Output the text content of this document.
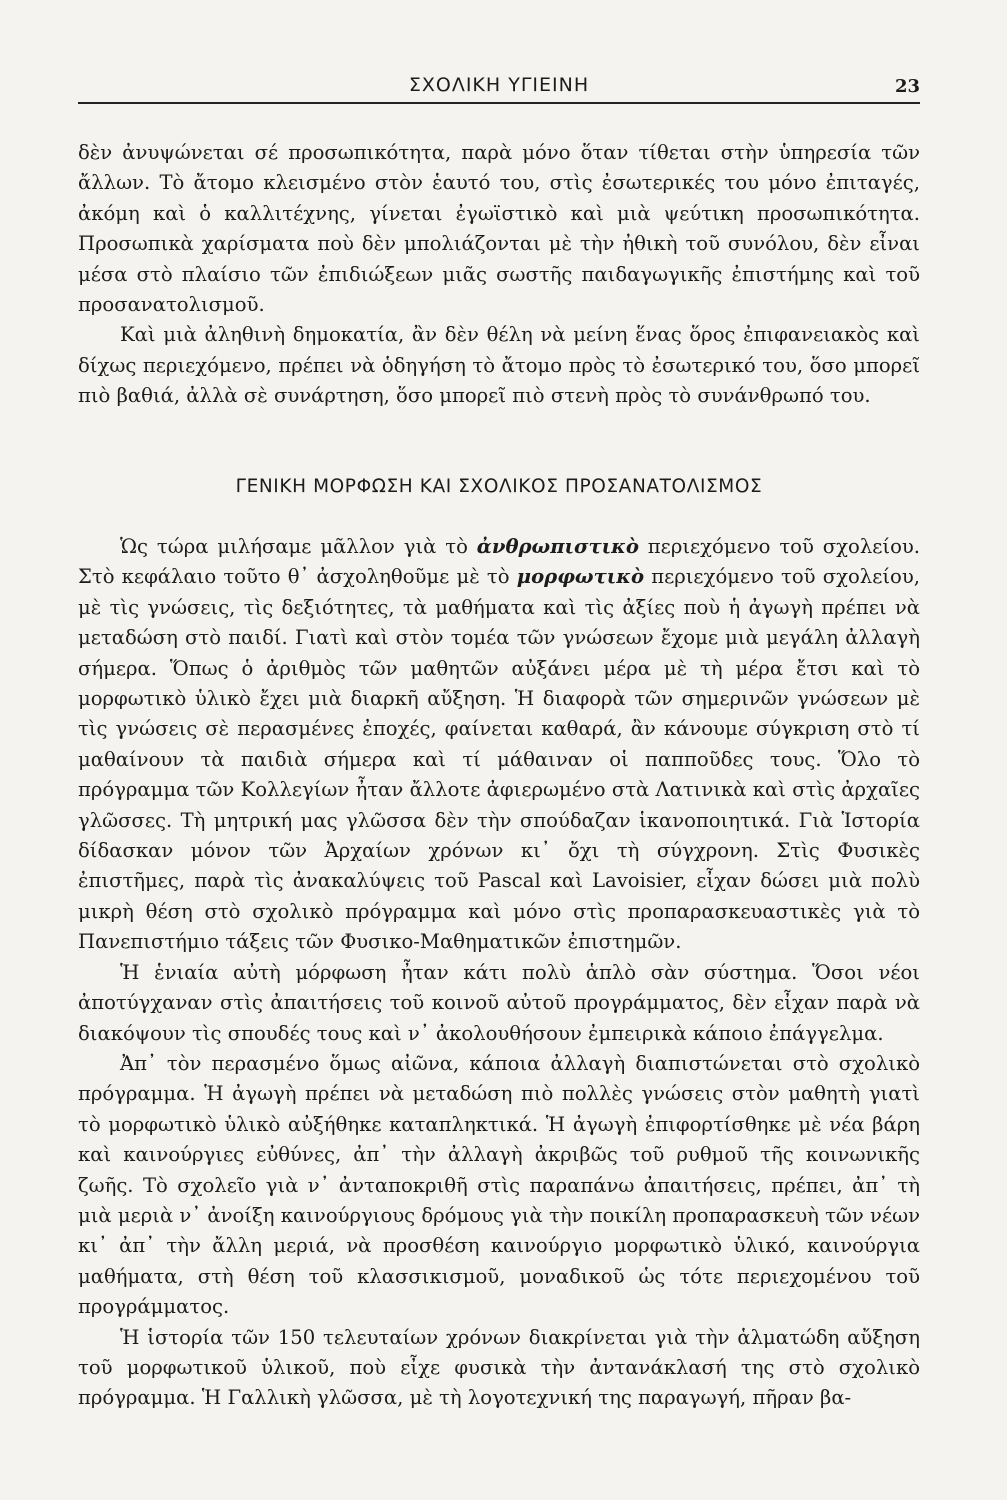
ΣΧΟΛΙΚΗ ΥΓΙΕΙΝΗ	23

δὲν ἀνυψώνεται σέ προσωπικότητα, παρὰ μόνο ὅταν τίθεται στὴν ὑπηρεσία τῶν ἄλλων. Τὸ ἄτομο κλεισμένο στὸν ἑαυτό του, στὶς ἐσωτερικές του μόνο ἐπιταγές, ἀκόμη καὶ ὁ καλλιτέχνης, γίνεται ἐγωϊστικὸ καὶ μιὰ ψεύτικη προσωπικότητα. Προσωπικὰ χαρίσματα ποὺ δὲν μπολιάζονται μὲ τὴν ἠθικὴ τοῦ συνόλου, δὲν εἶναι μέσα στὸ πλαίσιο τῶν ἐπιδιώξεων μιᾶς σωστῆς παιδαγωγικῆς ἐπιστήμης καὶ τοῦ προσανατολισμοῦ.

Καὶ μιὰ ἀληθινὴ δημοκατία, ἂν δὲν θέλη νὰ μείνη ἕνας ὅρος ἐπιφανειακὸς καὶ δίχως περιεχόμενο, πρέπει νὰ ὁδηγήση τὸ ἄτομο πρὸς τὸ ἐσωτερικό του, ὅσο μπορεῖ πιὸ βαθιά, ἀλλὰ σὲ συνάρτηση, ὅσο μπορεῖ πιὸ στενὴ πρὸς τὸ συνάνθρωπό του.

ΓΕΝΙΚΗ ΜΟΡΦΩΣΗ ΚΑΙ ΣΧΟΛΙΚΟΣ ΠΡΟΣΑΝΑΤΟΛΙΣΜΟΣ

Ὡς τώρα μιλήσαμε μᾶλλον γιὰ τὸ ἀνθρωπιστικὸ περιεχόμενο τοῦ σχολείου. Στὸ κεφάλαιο τοῦτο θ᾿ ἀσχοληθοῦμε μὲ τὸ μορφωτικὸ περιεχόμενο τοῦ σχολείου, μὲ τὶς γνώσεις, τὶς δεξιότητες, τὰ μαθήματα καὶ τὶς ἀξίες ποὺ ἡ ἀγωγὴ πρέπει νὰ μεταδώση στὸ παιδί. Γιατὶ καὶ στὸν τομέα τῶν γνώσεων ἔχομε μιὰ μεγάλη ἀλλαγὴ σήμερα. Ὅπως ὁ ἀριθμὸς τῶν μαθητῶν αὐξάνει μέρα μὲ τὴ μέρα ἔτσι καὶ τὸ μορφωτικὸ ὑλικὸ ἔχει μιὰ διαρκῆ αὔξηση. Ἡ διαφορὰ τῶν σημερινῶν γνώσεων μὲ τὶς γνώσεις σὲ περασμένες ἐποχές, φαίνεται καθαρά, ἂν κάνουμε σύγκριση στὸ τί μαθαίνουν τὰ παιδιὰ σήμερα καὶ τί μάθαιναν οἱ παπποῦδες τους. Ὅλο τὸ πρόγραμμα τῶν Κολλεγίων ἦταν ἄλλοτε ἀφιερωμένο στὰ Λατινικὰ καὶ στὶς ἀρχαῖες γλῶσσες. Τὴ μητρική μας γλῶσσα δὲν τὴν σπούδαζαν ἱκανοποιητικά. Γιὰ Ἱστορία δίδασκαν μόνον τῶν Ἀρχαίων χρόνων κι᾿ ὄχι τὴ σύγχρονη. Στὶς Φυσικὲς ἐπιστῆμες, παρὰ τὶς ἀνακαλύψεις τοῦ Pascal καὶ Lavoisier, εἶχαν δώσει μιὰ πολὺ μικρὴ θέση στὸ σχολικὸ πρόγραμμα καὶ μόνο στὶς προπαρασκευαστικὲς γιὰ τὸ Πανεπιστήμιο τάξεις τῶν Φυσικο-Μαθηματικῶν ἐπιστημῶν.

Ἡ ἑνιαία αὐτὴ μόρφωση ἦταν κάτι πολὺ ἁπλὸ σὰν σύστημα. Ὅσοι νέοι ἀποτύγχαναν στὶς ἀπαιτήσεις τοῦ κοινοῦ αὐτοῦ προγράμματος, δὲν εἶχαν παρὰ νὰ διακόψουν τὶς σπουδές τους καὶ ν᾿ ἀκολουθήσουν ἐμπειρικὰ κάποιο ἐπάγγελμα.

Ἀπ᾿ τὸν περασμένο ὅμως αἰῶνα, κάποια ἀλλαγὴ διαπιστώνεται στὸ σχολικὸ πρόγραμμα. Ἡ ἀγωγὴ πρέπει νὰ μεταδώση πιὸ πολλὲς γνώσεις στὸν μαθητὴ γιατὶ τὸ μορφωτικὸ ὑλικὸ αὐξήθηκε καταπληκτικά. Ἡ ἀγωγὴ ἐπιφορτίσθηκε μὲ νέα βάρη καὶ καινούργιες εὐθύνες, ἀπ᾿ τὴν ἀλλαγὴ ἀκριβῶς τοῦ ρυθμοῦ τῆς κοινωνικῆς ζωῆς. Τὸ σχολεῖο γιὰ ν᾿ ἀνταποκριθῆ στὶς παραπάνω ἀπαιτήσεις, πρέπει, ἀπ᾿ τὴ μιὰ μεριὰ ν᾿ ἀνοίξη καινούργιους δρόμους γιὰ τὴν ποικίλη προπαρασκευὴ τῶν νέων κι᾿ ἀπ᾿ τὴν ἄλλη μεριά, νὰ προσθέση καινούργιο μορφωτικὸ ὑλικό, καινούργια μαθήματα, στὴ θέση τοῦ κλασσικισμοῦ, μοναδικοῦ ὡς τότε περιεχομένου τοῦ προγράμματος.

Ἡ ἱστορία τῶν 150 τελευταίων χρόνων διακρίνεται γιὰ τὴν ἁλματώδη αὔξηση τοῦ μορφωτικοῦ ὑλικοῦ, ποὺ εἶχε φυσικὰ τὴν ἀντανάκλασή της στὸ σχολικὸ πρόγραμμα. Ἡ Γαλλικὴ γλῶσσα, μὲ τὴ λογοτεχνική της παραγωγή, πῆραν βα-
